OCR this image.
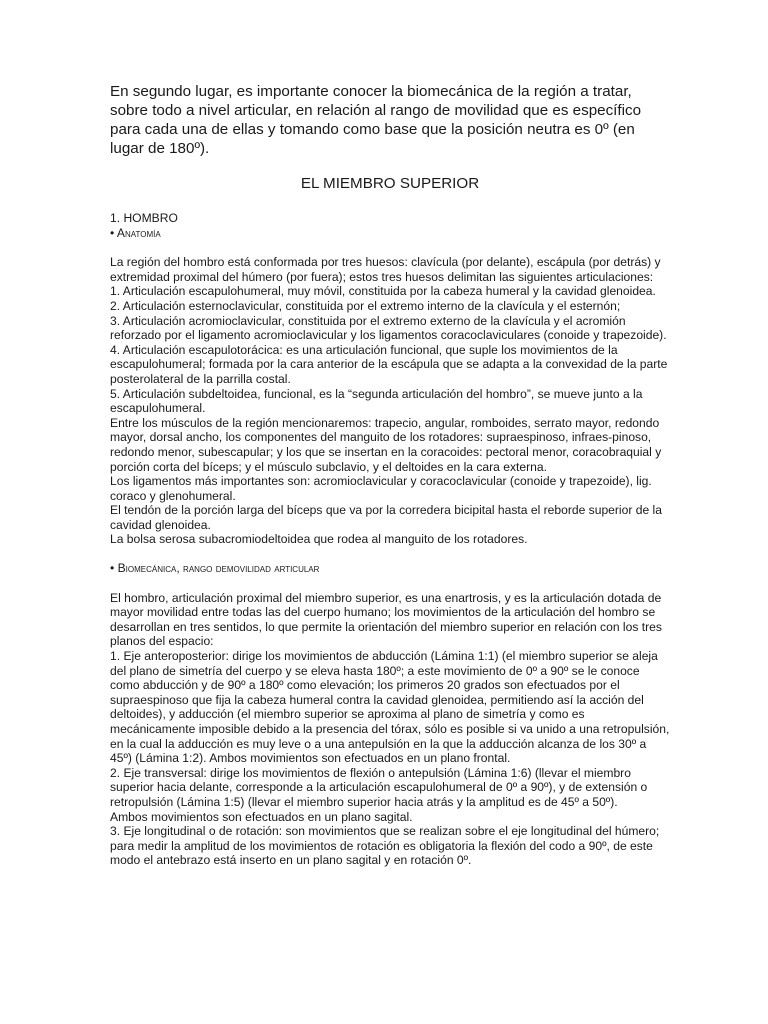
En segundo lugar, es importante conocer la biomecánica de la región a tratar, sobre todo a nivel articular, en relación al rango de movilidad que es específico para cada una de ellas y tomando como base que la posición neutra es 0º (en lugar de 180º).

EL MIEMBRO SUPERIOR

1. HOMBRO

• Anatomía

La región del hombro está conformada por tres huesos: clavícula (por delante), escápula (por detrás) y extremidad proximal del húmero (por fuera); estos tres huesos delimitan las siguientes articulaciones:

1. Articulación escapulohumeral, muy móvil, constituida por la cabeza humeral y la cavidad glenoidea.

2. Articulación esternoclavicular, constituida por el extremo interno de la clavícula y el esternón;

3. Articulación acromioclavicular, constituida por el extremo externo de la clavícula y el acromión reforzado por el ligamento acromioclavicular y los ligamentos coracoclaviculares (conoide y trapezoide).

4. Articulación escapulotorácica: es una articulación funcional, que suple los movimientos de la escapulohumeral; formada por la cara anterior de la escápula que se adapta a la convexidad de la parte posterolateral de la parrilla costal.

5. Articulación subdeltoidea, funcional, es la “segunda articulación del hombro”, se mueve junto a la escapulohumeral.

Entre los músculos de la región mencionaremos: trapecio, angular, romboides, serrato mayor, redondo mayor, dorsal ancho, los componentes del manguito de los rotadores: supraespinoso, infraes-pinoso, redondo menor, subescapular; y los que se insertan en la coracoides: pectoral menor, coracobraquial y porción corta del bíceps; y el músculo subclavio, y el deltoides en la cara externa.

Los ligamentos más importantes son: acromioclavicular y coracoclavicular (conoide y trapezoide), lig. coraco y glenohumeral.

El tendón de la porción larga del bíceps que va por la corredera bicipital hasta el reborde superior de la cavidad glenoidea.

La bolsa serosa subacromiodeltoidea que rodea al manguito de los rotadores.

• Biomecánica, rango demovilidad articular

El hombro, articulación proximal del miembro superior, es una enartrosis, y es la articulación dotada de mayor movilidad entre todas las del cuerpo humano; los movimientos de la articulación del hombro se desarrollan en tres sentidos, lo que permite la orientación del miembro superior en relación con los tres planos del espacio:

1. Eje anteroposterior: dirige los movimientos de abducción (Lámina 1:1) (el miembro superior se aleja del plano de simetría del cuerpo y se eleva hasta 180º; a este movimiento de 0º a 90º se le conoce como abducción y de 90º a 180º como elevación; los primeros 20 grados son efectuados por el supraespinoso que fija la cabeza humeral contra la cavidad glenoidea, permitiendo así la acción del deltoides), y adducción (el miembro superior se aproxima al plano de simetría y como es mecánicamente imposible debido a la presencia del tórax, sólo es posible si va unido a una retropulsión, en la cual la adducción es muy leve o a una antepulsión en la que la adducción alcanza de los 30º a 45º) (Lámina 1:2). Ambos movimientos son efectuados en un plano frontal.

2. Eje transversal: dirige los movimientos de flexión o antepulsión (Lámina 1:6) (llevar el miembro superior hacia delante, corresponde a la articulación escapulohumeral de 0º a 90º), y de extensión o retropulsión (Lámina 1:5) (llevar el miembro superior hacia atrás y la amplitud es de 45º a 50º).

Ambos movimientos son efectuados en un plano sagital.

3. Eje longitudinal o de rotación: son movimientos que se realizan sobre el eje longitudinal del húmero; para medir la amplitud de los movimientos de rotación es obligatoria la flexión del codo a 90º, de este modo el antebrazo está inserto en un plano sagital y en rotación 0º.
